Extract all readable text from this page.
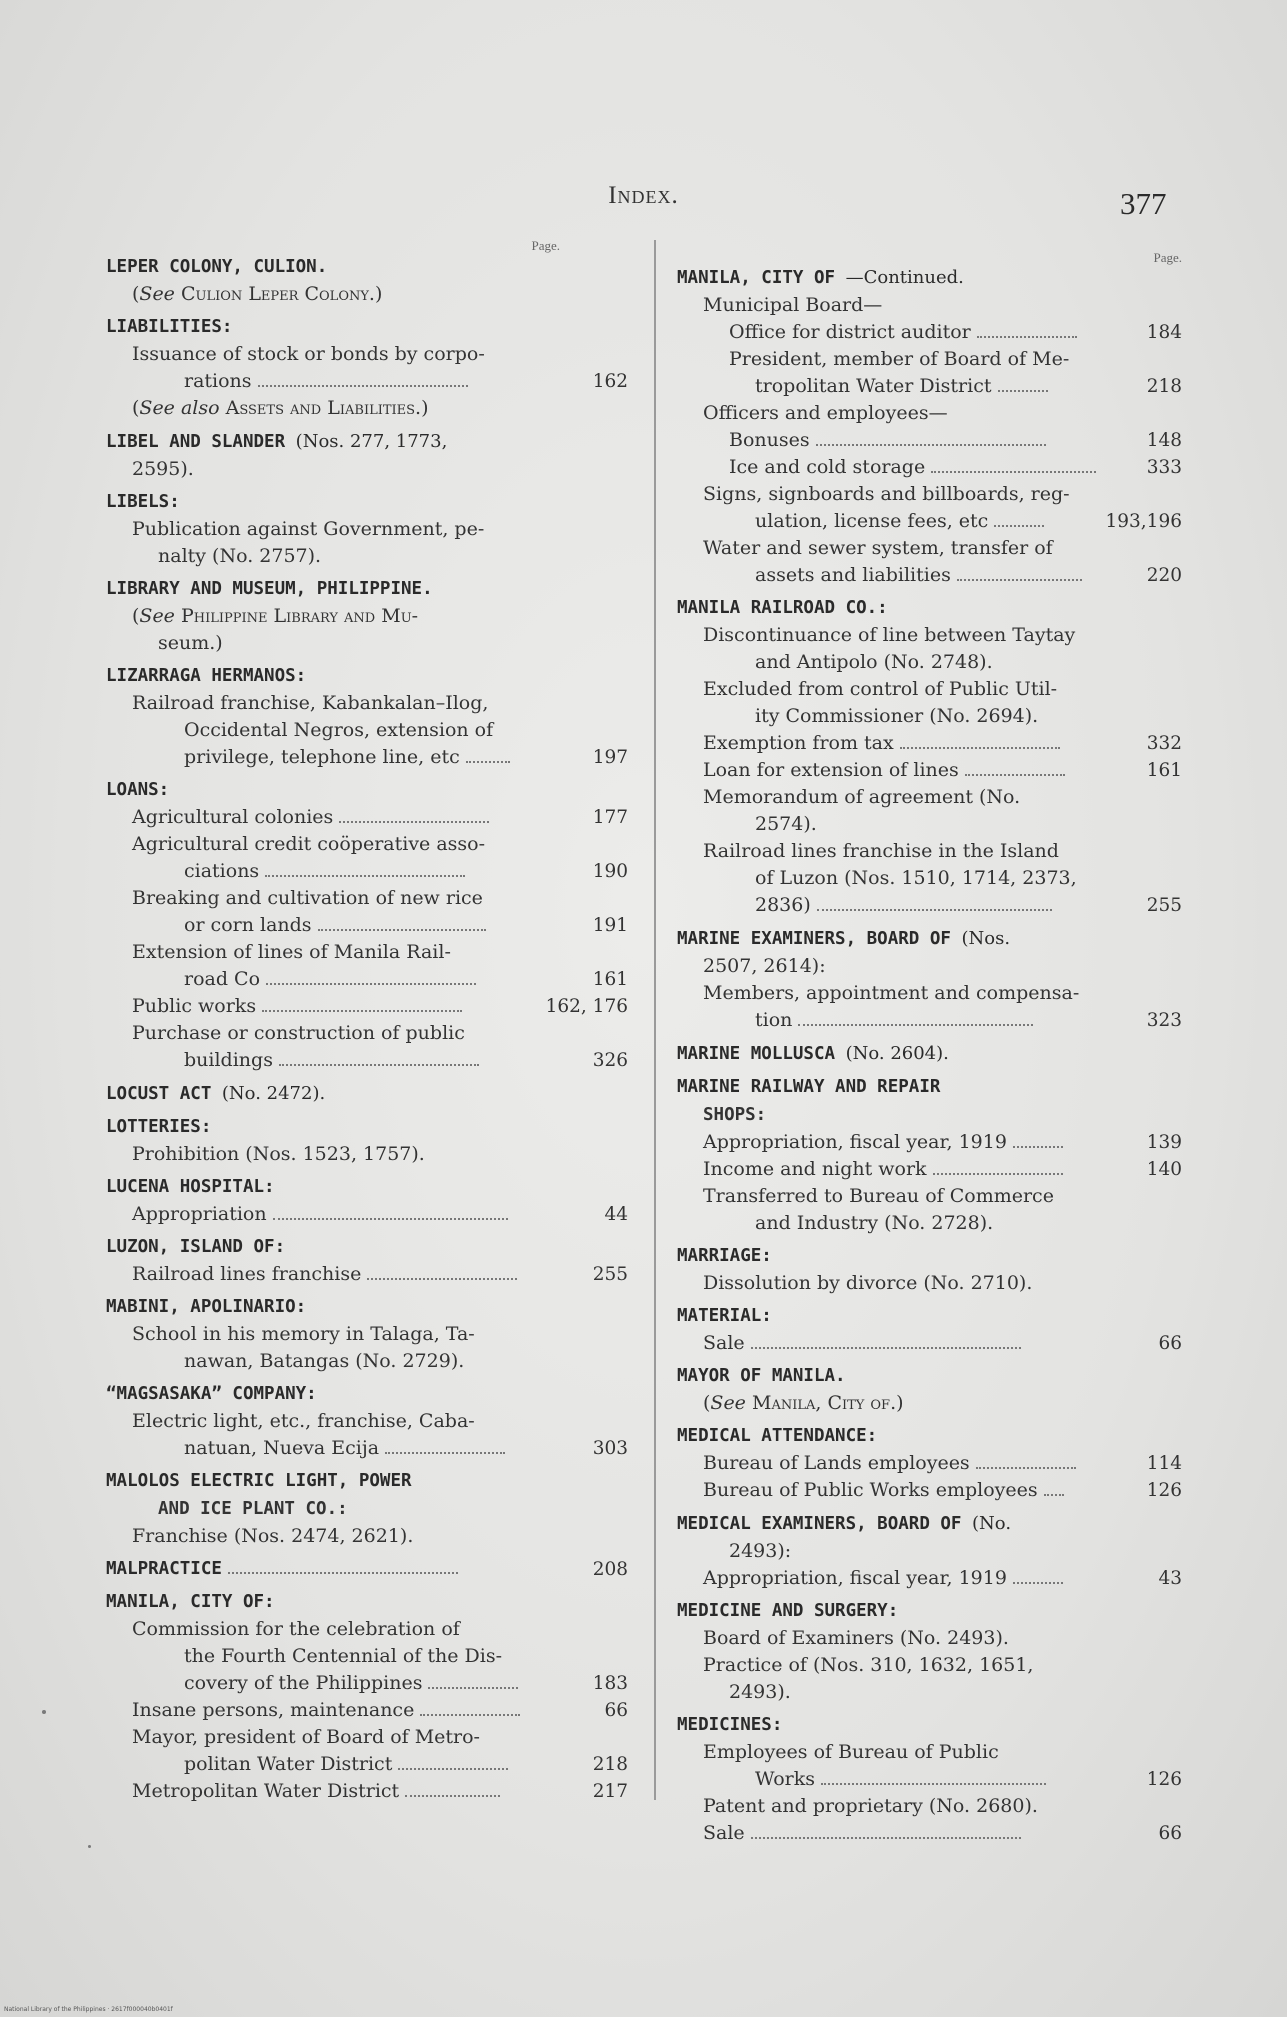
Index.	377
Page.
LEPER COLONY, CULION.
(See Culion Leper Colony.)
LIABILITIES:
Issuance of stock or bonds by corpo-
rations	162
(See also Assets and Liabilities.)
LIBEL AND SLANDER (Nos. 277, 1773,
2595).
LIBELS:
Publication against Government, pe-
nalty (No. 2757).
LIBRARY AND MUSEUM, PHILIPPINE.
(See Philippine Library and Mu-
seum.)
LIZARRAGA HERMANOS:
Railroad franchise, Kabankalan–Ilog,
Occidental Negros, extension of
privilege, telephone line, etc	197
LOANS:
Agricultural colonies	177
Agricultural credit coöperative asso-
ciations	190
Breaking and cultivation of new rice
or corn lands	191
Extension of lines of Manila Rail-
road Co	161
Public works	162, 176
Purchase or construction of public
buildings	326
LOCUST ACT (No. 2472).
LOTTERIES:
Prohibition (Nos. 1523, 1757).
LUCENA HOSPITAL:
Appropriation	44
LUZON, ISLAND OF:
Railroad lines franchise	255
MABINI, APOLINARIO:
School in his memory in Talaga, Ta-
nawan, Batangas (No. 2729).
“MAGSASAKA” COMPANY:
Electric light, etc., franchise, Caba-
natuan, Nueva Ecija	303
MALOLOS ELECTRIC LIGHT, POWER
AND ICE PLANT CO.:
Franchise (Nos. 2474, 2621).
MALPRACTICE	208
MANILA, CITY OF:
Commission for the celebration of
the Fourth Centennial of the Dis-
covery of the Philippines	183
Insane persons, maintenance	66
Mayor, president of Board of Metro-
politan Water District	218
Metropolitan Water District	217
Page.
MANILA, CITY OF —Continued.
Municipal Board—
Office for district auditor	184
President, member of Board of Me-
tropolitan Water District	218
Officers and employees—
Bonuses	148
Ice and cold storage	333
Signs, signboards and billboards, reg-
ulation, license fees, etc	193,196
Water and sewer system, transfer of
assets and liabilities	220
MANILA RAILROAD CO.:
Discontinuance of line between Taytay
and Antipolo (No. 2748).
Excluded from control of Public Util-
ity Commissioner (No. 2694).
Exemption from tax	332
Loan for extension of lines	161
Memorandum of agreement (No.
2574).
Railroad lines franchise in the Island
of Luzon (Nos. 1510, 1714, 2373,
2836)	255
MARINE EXAMINERS, BOARD OF (Nos.
2507, 2614):
Members, appointment and compensa-
tion	323
MARINE MOLLUSCA (No. 2604).
MARINE RAILWAY AND REPAIR
SHOPS:
Appropriation, fiscal year, 1919	139
Income and night work	140
Transferred to Bureau of Commerce
and Industry (No. 2728).
MARRIAGE:
Dissolution by divorce (No. 2710).
MATERIAL:
Sale	66
MAYOR OF MANILA.
(See Manila, City of.)
MEDICAL ATTENDANCE:
Bureau of Lands employees	114
Bureau of Public Works employees	126
MEDICAL EXAMINERS, BOARD OF (No.
2493):
Appropriation, fiscal year, 1919	43
MEDICINE AND SURGERY:
Board of Examiners (No. 2493).
Practice of (Nos. 310, 1632, 1651,
2493).
MEDICINES:
Employees of Bureau of Public
Works	126
Patent and proprietary (No. 2680).
Sale	66
National Library of the Philippines · 2617f000040b0401f
